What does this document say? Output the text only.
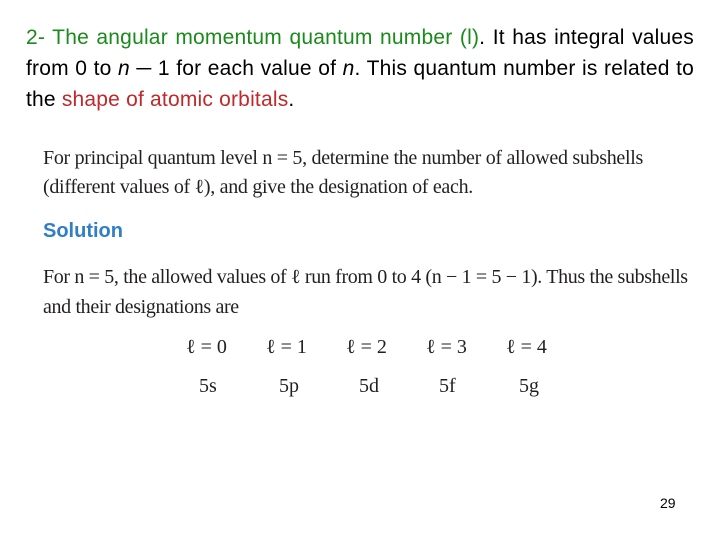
2- The angular momentum quantum number (l). It has integral values from 0 to n ─ 1 for each value of n. This quantum number is related to the shape of atomic orbitals.
For principal quantum level n = 5, determine the number of allowed subshells (different values of ℓ), and give the designation of each.
Solution
For n = 5, the allowed values of ℓ run from 0 to 4 (n − 1 = 5 − 1). Thus the subshells and their designations are
ℓ = 0	ℓ = 1	ℓ = 2	ℓ = 3	ℓ = 4
5s	5p	5d	5f	5g
29
